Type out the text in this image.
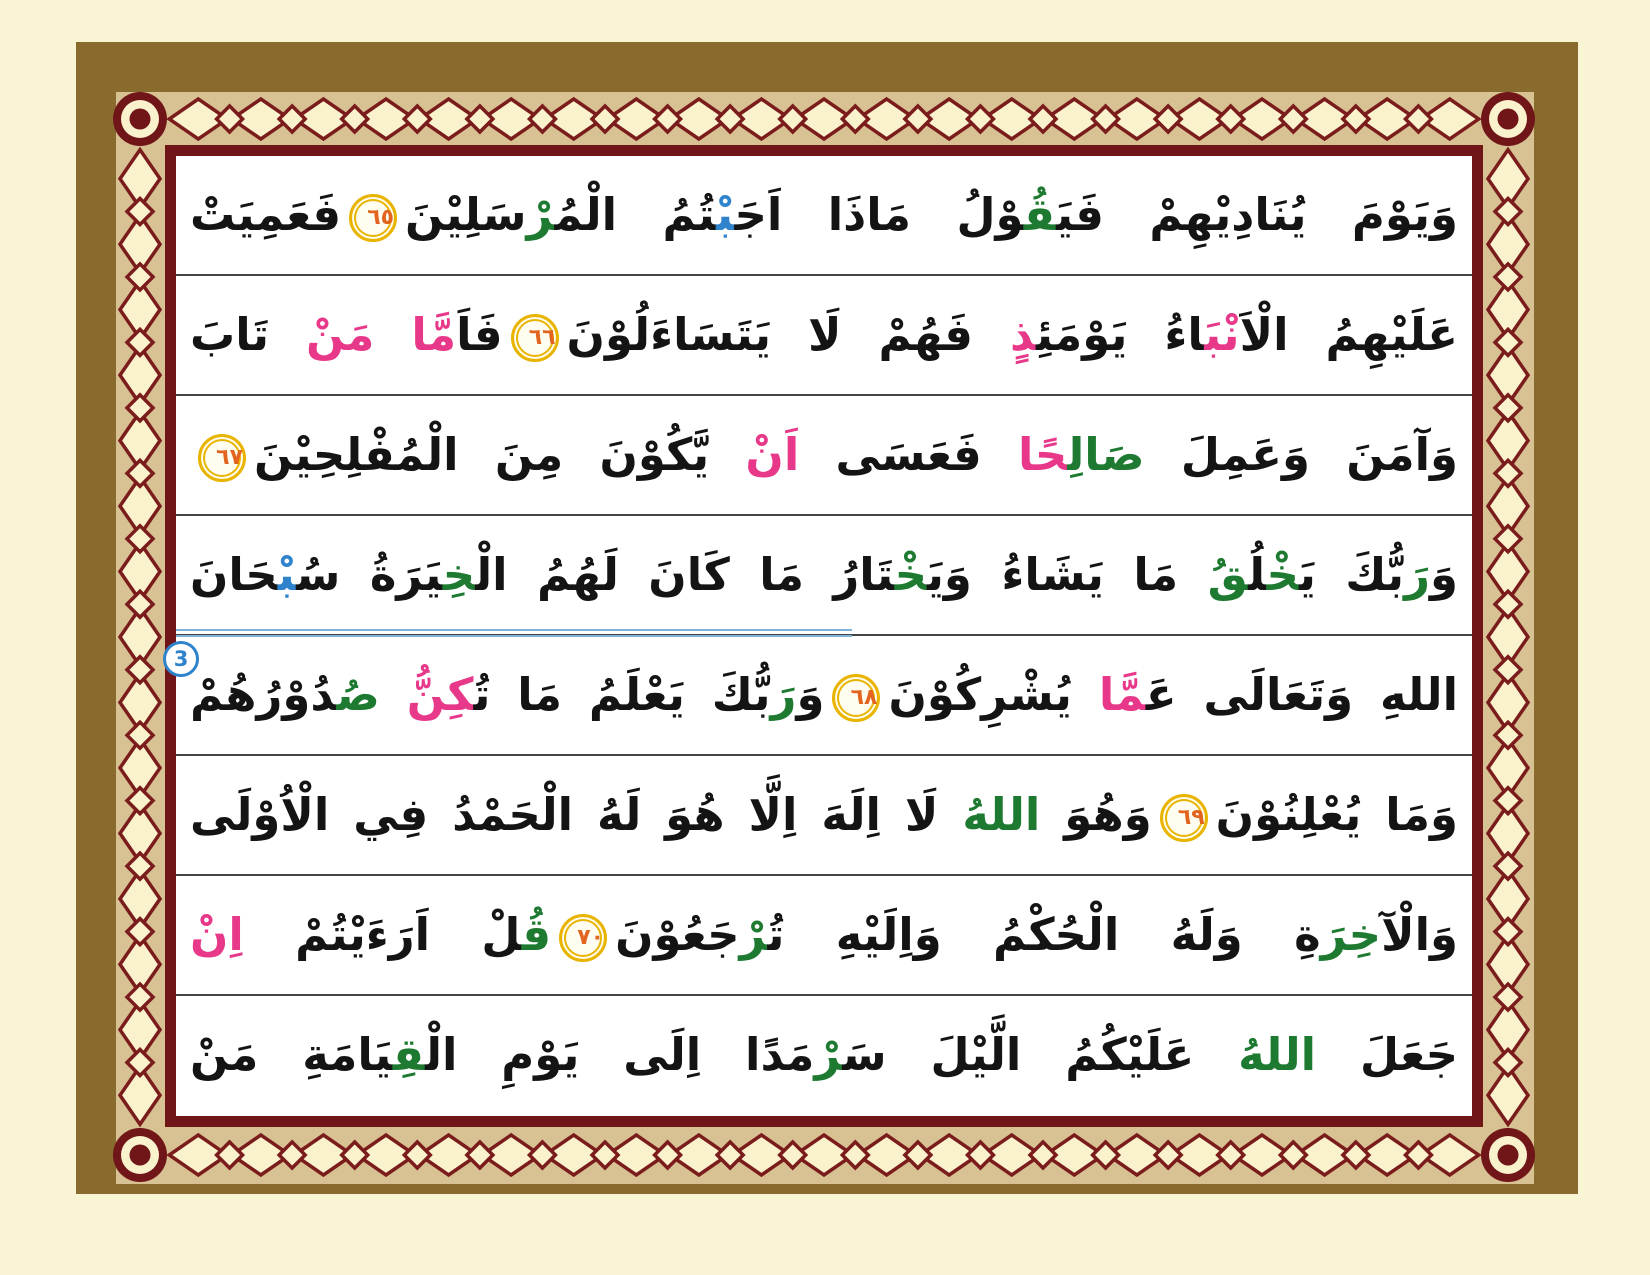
وَيَوْمَ يُنَادِيْهِمْ فَيَقُوْلُ مَاذَا اَجَبْتُمُ الْمُرْسَلِيْنَ٦٥فَعَمِيَتْ
عَلَيْهِمُ الْاَنْبَاءُ يَوْمَئِذٍ فَهُمْ لَا يَتَسَاءَلُوْنَ٦٦فَاَمَّا مَنْ تَابَ
وَآمَنَ وَعَمِلَ صَالِحًا فَعَسَى اَنْ يَّكُوْنَ مِنَ الْمُفْلِحِيْنَ٦٧
وَرَبُّكَ يَخْلُقُ مَا يَشَاءُ وَيَخْتَارُ مَا كَانَ لَهُمُ الْخِيَرَةُ سُبْحَانَ
اللهِ وَتَعَالَى عَمَّا يُشْرِكُوْنَ٦٨وَرَبُّكَ يَعْلَمُ مَا تُكِنُّ صُدُوْرُهُمْ
وَمَا يُعْلِنُوْنَ٦٩وَهُوَ اللهُ لَا اِلَهَ اِلَّا هُوَ لَهُ الْحَمْدُ فِي الْاُوْلَى
وَالْآخِرَةِ وَلَهُ الْحُكْمُ وَاِلَيْهِ تُرْجَعُوْنَ٧٠قُلْ اَرَءَيْتُمْ اِنْ
جَعَلَ اللهُ عَلَيْكُمُ الَّيْلَ سَرْمَدًا اِلَى يَوْمِ الْقِيَامَةِ مَنْ
3
